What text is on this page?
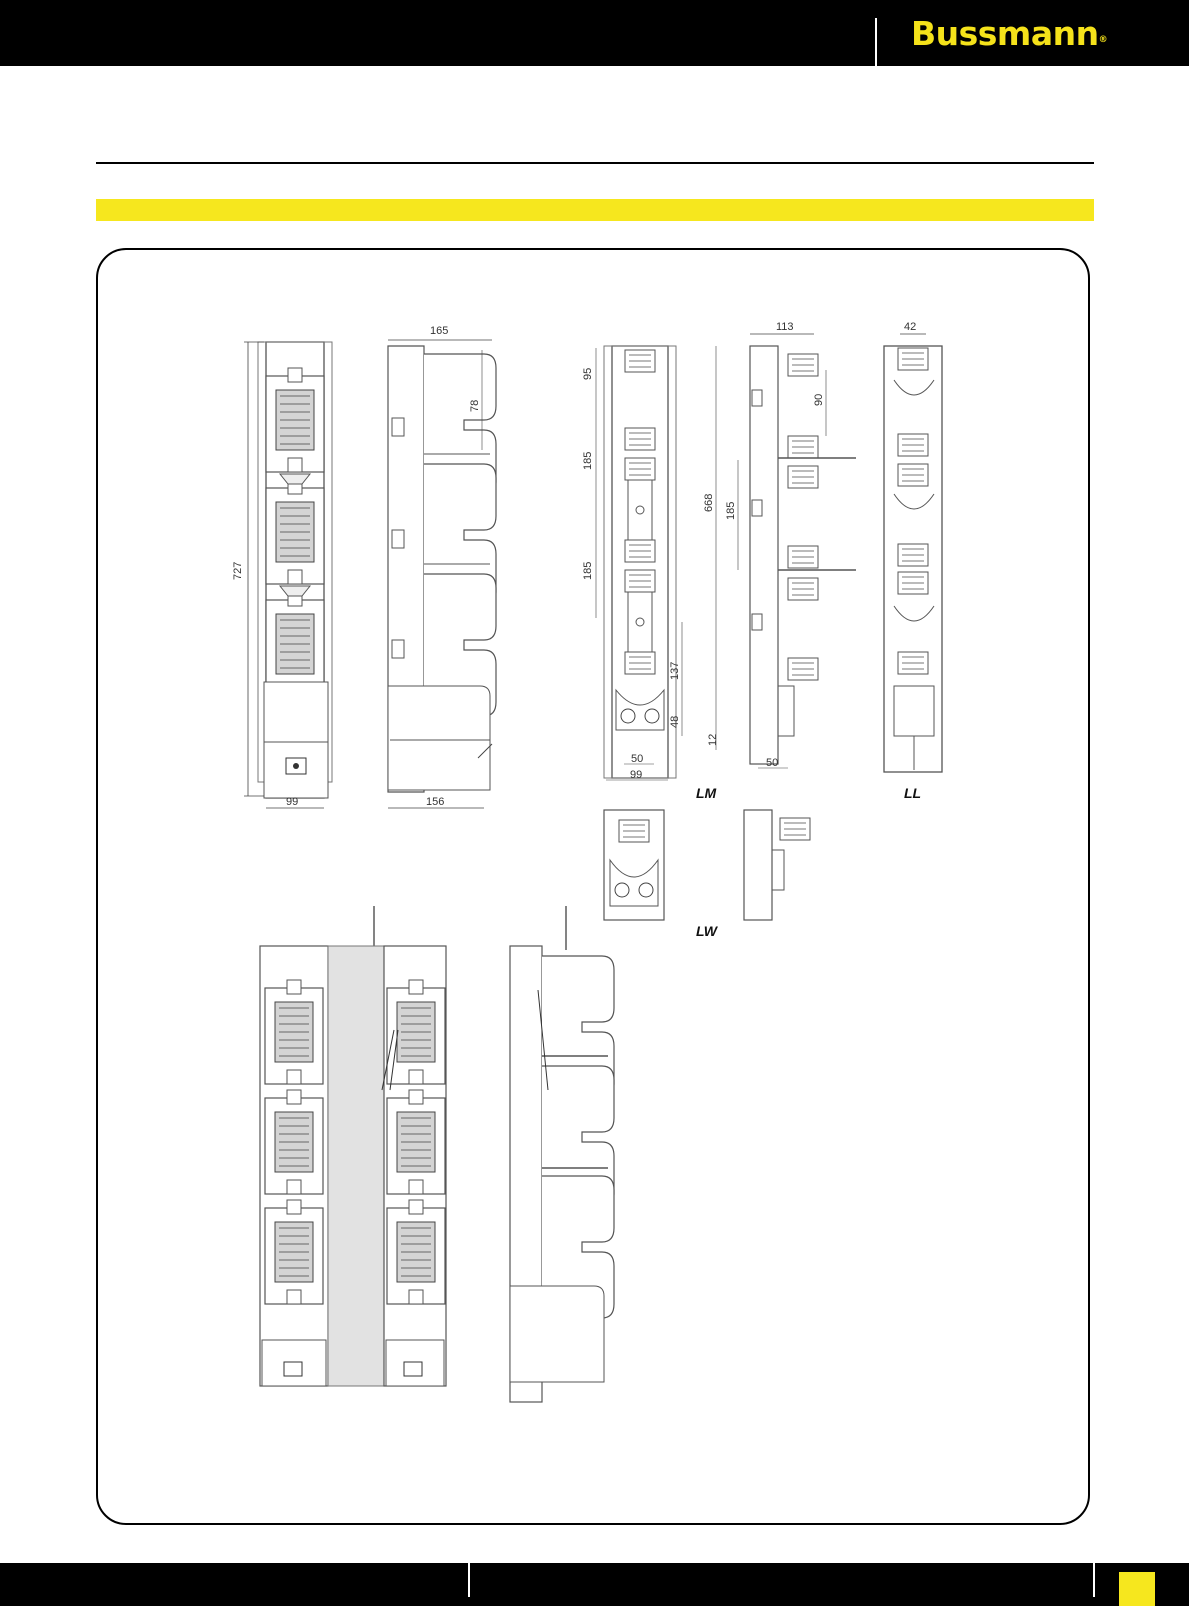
Bussmann®
727
99
165
78
156
95
185
185
137
48
50
99
113
668 185
90
12
50
42
LM	LL
LW
